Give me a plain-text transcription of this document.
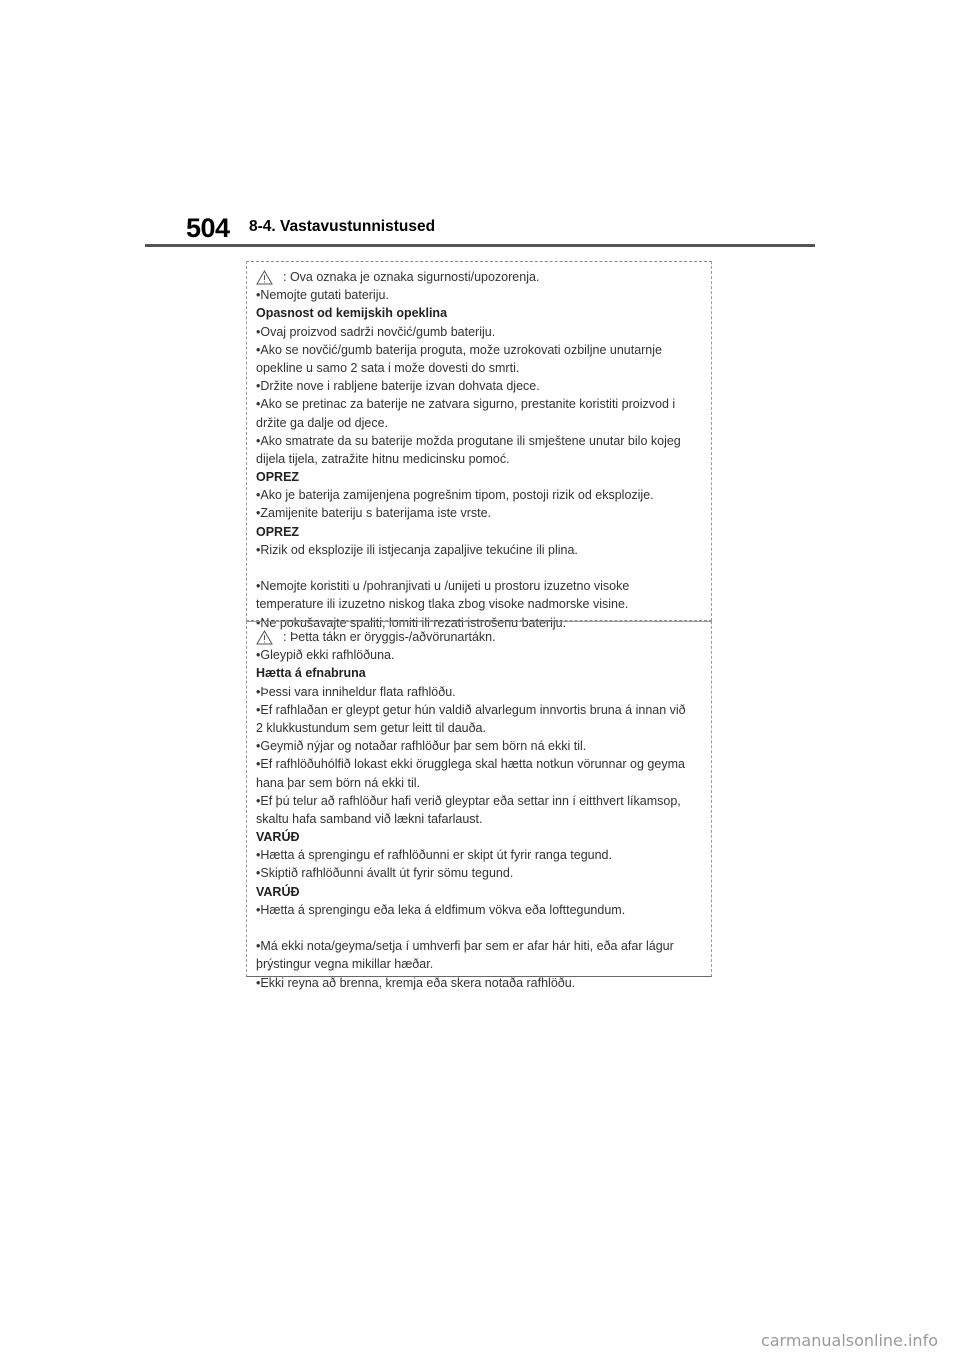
504 8-4. Vastavustunnistused
: Ova oznaka je oznaka sigurnosti/upozorenja.
•Nemojte gutati bateriju.
Opasnost od kemijskih opeklina
•Ovaj proizvod sadrži novčić/gumb bateriju.
•Ako se novčić/gumb baterija proguta, može uzrokovati ozbiljne unutarnje
opekline u samo 2 sata i može dovesti do smrti.
•Držite nove i rabljene baterije izvan dohvata djece.
•Ako se pretinac za baterije ne zatvara sigurno, prestanite koristiti proizvod i
držite ga dalje od djece.
•Ako smatrate da su baterije možda progutane ili smještene unutar bilo kojeg
dijela tijela, zatražite hitnu medicinsku pomoć.
OPREZ
•Ako je baterija zamijenjena pogrešnim tipom, postoji rizik od eksplozije.
•Zamijenite bateriju s baterijama iste vrste.
OPREZ
•Rizik od eksplozije ili istjecanja zapaljive tekućine ili plina.
•Nemojte koristiti u /pohranjivati u /unijeti u prostoru izuzetno visoke
temperature ili izuzetno niskog tlaka zbog visoke nadmorske visine.
•Ne pokušavajte spaliti, lomiti ili rezati istrošenu bateriju.
: Þetta tákn er öryggis-/aðvörunartákn.
•Gleypið ekki rafhlöðuna.
Hætta á efnabruna
•Þessi vara inniheldur flata rafhlöðu.
•Ef rafhlaðan er gleypt getur hún valdið alvarlegum innvortis bruna á innan við
2 klukkustundum sem getur leitt til dauða.
•Geymið nýjar og notaðar rafhlöður þar sem börn ná ekki til.
•Ef rafhlöðuhólfið lokast ekki örugglega skal hætta notkun vörunnar og geyma
hana þar sem börn ná ekki til.
•Ef þú telur að rafhlöður hafi verið gleyptar eða settar inn í eitthvert líkamsop,
skaltu hafa samband við lækni tafarlaust.
VARÚÐ
•Hætta á sprengingu ef rafhlöðunni er skipt út fyrir ranga tegund.
•Skiptið rafhlöðunni ávallt út fyrir sömu tegund.
VARÚÐ
•Hætta á sprengingu eða leka á eldfimum vökva eða lofttegundum.
•Má ekki nota/geyma/setja í umhverfi þar sem er afar hár hiti, eða afar lágur
þrýstingur vegna mikillar hæðar.
•Ekki reyna að brenna, kremja eða skera notaða rafhlöðu.
carmanualsonline.info
